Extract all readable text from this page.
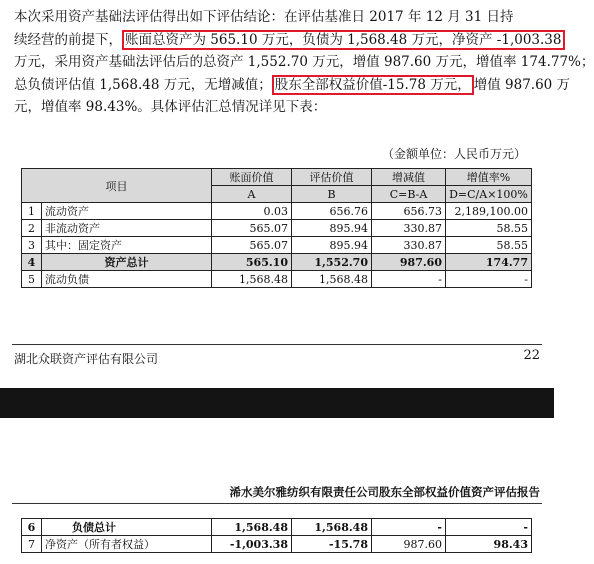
本次采用资产基础法评估得出如下评估结论：在评估基准日 2017 年 12 月 31 日持
续经营的前提下， 账面总资产为 565.10 万元，负债为 1,568.48 万元，净资产 -1,003.38
万元，采用资产基础法评估后的总资产 1,552.70 万元，增值 987.60 万元，增值率 174.77%；
总负债评估值 1,568.48 万元，无增减值； 股东全部权益价值-15.78 万元， 增值 987.60 万
元，增值率 98.43%。具体评估汇总情况详见下表：
（金额单位：人民币万元）
项目		账面价值	评估价值	增减值	增值率%
		A	B	C=B-A	D=C/A×100%
1	流动资产	0.03	656.76	656.73	2,189,100.00
2	非流动资产	565.07	895.94	330.87	58.55
3	其中：固定资产	565.07	895.94	330.87	58.55
4	资产总计	565.10	1,552.70	987.60	174.77
5	流动负债	1,568.48	1,568.48	-	-
湖北众联资产评估有限公司	22
浠水美尔雅纺织有限责任公司股东全部权益价值资产评估报告
6	负债总计	1,568.48	1,568.48	-	-
7	净资产（所有者权益）	-1,003.38	-15.78	987.60	98.43
